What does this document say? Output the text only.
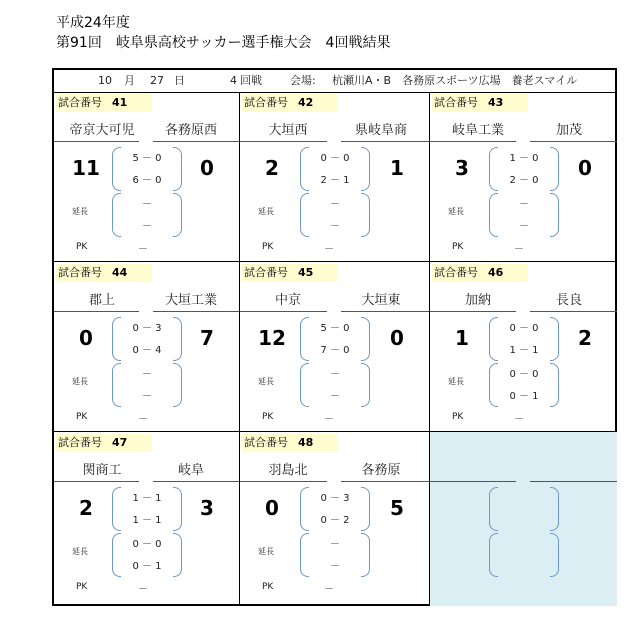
平成24年度
第91回　岐阜県高校サッカー選手権大会　4回戦結果

10

月

27

日

	4

回戦

	会場:

杭瀬川A・B　各務原スポーツ広場　養老スマイル

試合番号 41
帝京大可児	各務原西
11	0
5 － 0
6 － 0
延長
－
－
PK	－
試合番号 42
大垣西	県岐阜商
2	1
0 － 0
2 － 1
延長
－
－
PK	－
試合番号 43
岐阜工業	加茂
3	0
1 － 0
2 － 0
延長
－
－
PK	－
試合番号 44
郡上	大垣工業
0	7
0 － 3
0 － 4
延長
－
－
PK	－
試合番号 45
中京	大垣東
12	0
5 － 0
7 － 0
延長
－
－
PK	－
試合番号 46
加納	長良
1	2
0 － 0
1 － 1
延長
0 － 0
0 － 1
PK	－
試合番号 47
関商工	岐阜
2	3
1 － 1
1 － 1
延長
0 － 0
0 － 1
PK	－
試合番号 48
羽島北	各務原
0	5
0 － 3
0 － 2
延長
－
－
PK	－
